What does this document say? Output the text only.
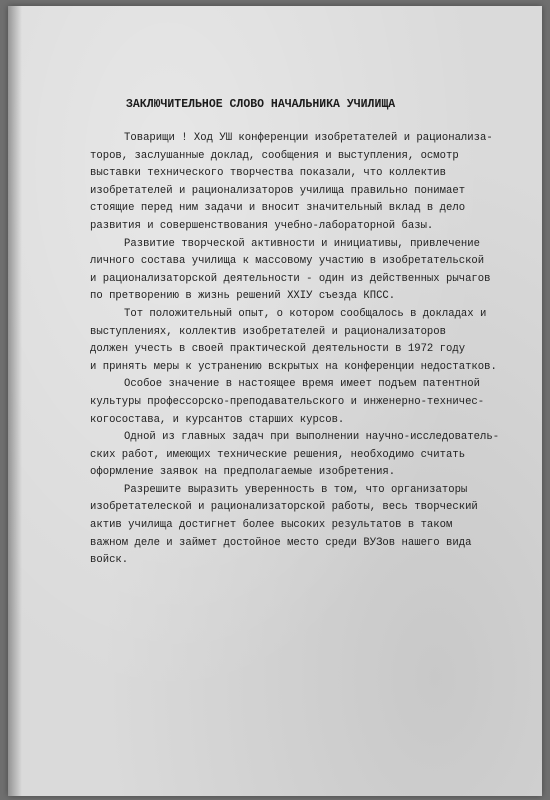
ЗАКЛЮЧИТЕЛЬНОЕ СЛОВО НАЧАЛЬНИКА УЧИЛИЩА
Товарищи ! Ход УШ конференции изобретателей и рационализа-
торов, заслушанные доклад, сообщения и выступления, осмотр
выставки технического творчества показали, что коллектив
изобретателей и рационализаторов училища правильно понимает
стоящие перед ним задачи и вносит значительный вклад в дело
развития и совершенствования учебно-лабораторной базы.
Развитие творческой активности и инициативы, привлечение
личного состава училища к массовому участию в изобретательской
и рационализаторской деятельности - один из действенных рычагов
по претворению в жизнь решений ХХIУ съезда КПСС.
Тот положительный опыт, о котором сообщалось в докладах и
выступлениях, коллектив изобретателей и рационализаторов
должен учесть в своей практической деятельности в 1972 году
и принять меры к устранению вскрытых на конференции недостатков.
Особое значение в настоящее время имеет подъем патентной
культуры профессорско-преподавательского и инженерно-техничес-
когосостава, и курсантов старших курсов.
Одной из главных задач при выполнении научно-исследователь-
ских работ, имеющих технические решения, необходимо считать
оформление заявок на предполагаемые изобретения.
Разрешите выразить уверенность в том, что организаторы
изобретателеской и рационализаторской работы, весь творческий
актив училища достигнет более высоких результатов в таком
важном деле и займет достойное место среди ВУЗов нашего вида
войск.
